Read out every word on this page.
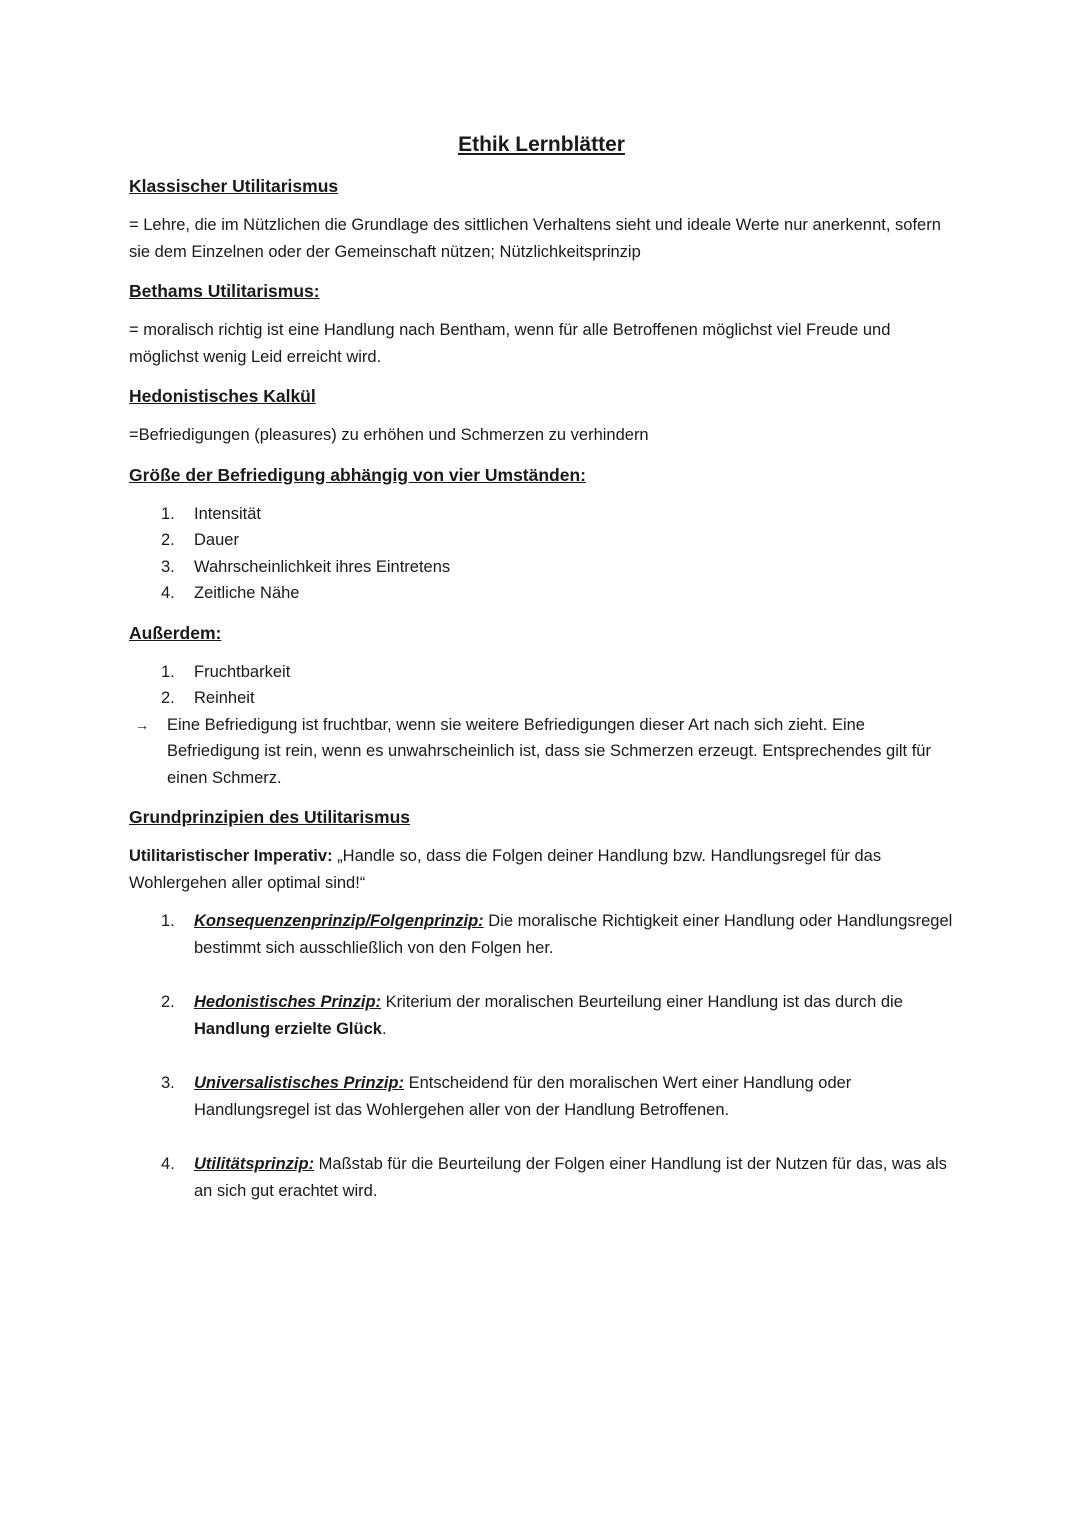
Ethik Lernblätter
Klassischer Utilitarismus

= Lehre, die im Nützlichen die Grundlage des sittlichen Verhaltens sieht und ideale Werte nur anerkennt, sofern sie dem Einzelnen oder der Gemeinschaft nützen; Nützlichkeitsprinzip

Bethams Utilitarismus:

= moralisch richtig ist eine Handlung nach Bentham, wenn für alle Betroffenen möglichst viel Freude und möglichst wenig Leid erreicht wird.

Hedonistisches Kalkül

=Befriedigungen (pleasures) zu erhöhen und Schmerzen zu verhindern

Größe der Befriedigung abhängig von vier Umständen:
1. Intensität
2. Dauer
3. Wahrscheinlichkeit ihres Eintretens
4. Zeitliche Nähe
Außerdem:
1. Fruchtbarkeit
2. Reinheit
→ Eine Befriedigung ist fruchtbar, wenn sie weitere Befriedigungen dieser Art nach sich zieht. Eine Befriedigung ist rein, wenn es unwahrscheinlich ist, dass sie Schmerzen erzeugt. Entsprechendes gilt für einen Schmerz.
Grundprinzipien des Utilitarismus

Utilitaristischer Imperativ: „Handle so, dass die Folgen deiner Handlung bzw. Handlungsregel für das Wohlergehen aller optimal sind!“

1. Konsequenzenprinzip/Folgenprinzip: Die moralische Richtigkeit einer Handlung oder Handlungsregel bestimmt sich ausschließlich von den Folgen her.
2. Hedonistisches Prinzip: Kriterium der moralischen Beurteilung einer Handlung ist das durch die Handlung erzielte Glück.
3. Universalistisches Prinzip: Entscheidend für den moralischen Wert einer Handlung oder Handlungsregel ist das Wohlergehen aller von der Handlung Betroffenen.
4. Utilitätsprinzip: Maßstab für die Beurteilung der Folgen einer Handlung ist der Nutzen für das, was als an sich gut erachtet wird.
